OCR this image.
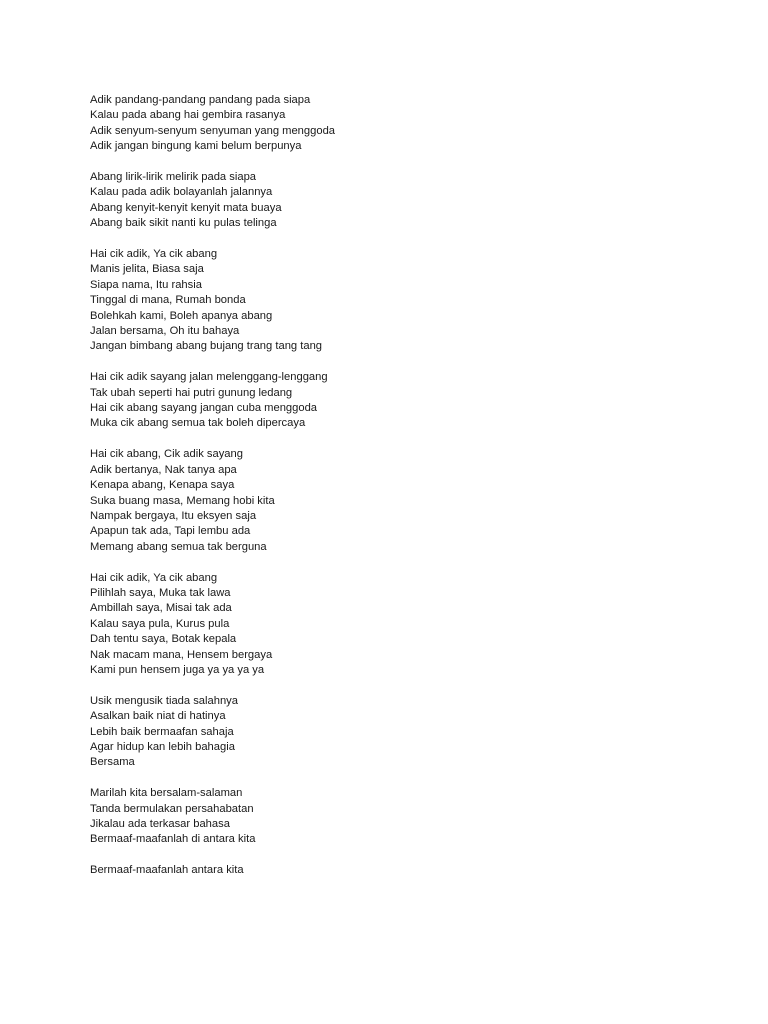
Adik pandang-pandang pandang pada siapa
Kalau pada abang hai gembira rasanya
Adik senyum-senyum senyuman yang menggoda
Adik jangan bingung kami belum berpunya
Abang lirik-lirik melirik pada siapa
Kalau pada adik bolayanlah jalannya
Abang kenyit-kenyit kenyit mata buaya
Abang baik sikit nanti ku pulas telinga
Hai cik adik, Ya cik abang
Manis jelita, Biasa saja
Siapa nama, Itu rahsia
Tinggal di mana, Rumah bonda
Bolehkah kami, Boleh apanya abang
Jalan bersama, Oh itu bahaya
Jangan bimbang abang bujang trang tang tang
Hai cik adik sayang jalan melenggang-lenggang
Tak ubah seperti hai putri gunung ledang
Hai cik abang sayang jangan cuba menggoda
Muka cik abang semua tak boleh dipercaya
Hai cik abang, Cik adik sayang
Adik bertanya, Nak tanya apa
Kenapa abang, Kenapa saya
Suka buang masa, Memang hobi kita
Nampak bergaya, Itu eksyen saja
Apapun tak ada, Tapi lembu ada
Memang abang semua tak berguna
Hai cik adik, Ya cik abang
Pilihlah saya, Muka tak lawa
Ambillah saya, Misai tak ada
Kalau saya pula, Kurus pula
Dah tentu saya, Botak kepala
Nak macam mana, Hensem bergaya
Kami pun hensem juga ya ya ya ya
Usik mengusik tiada salahnya
Asalkan baik niat di hatinya
Lebih baik bermaafan sahaja
Agar hidup kan lebih bahagia
Bersama
Marilah kita bersalam-salaman
Tanda bermulakan persahabatan
Jikalau ada terkasar bahasa
Bermaaf-maafanlah di antara kita
Bermaaf-maafanlah antara kita
